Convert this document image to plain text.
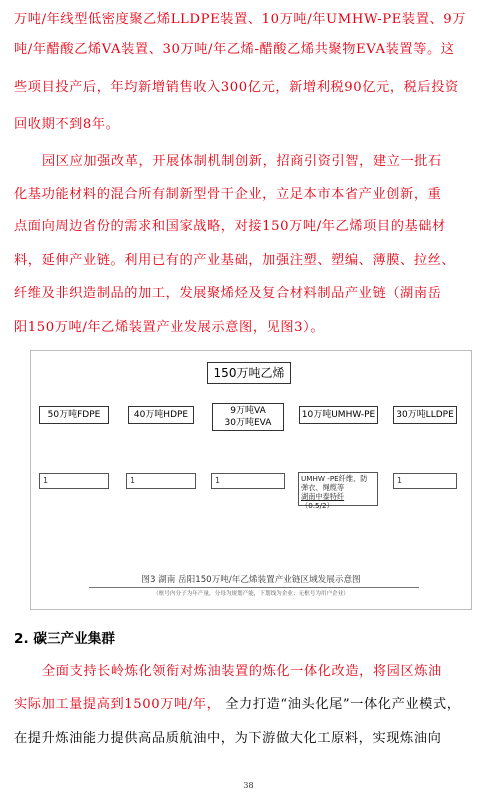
万吨/年线型低密度聚乙烯LLDPE装置、10万吨/年UMHW-PE装置、9万
吨/年醋酸乙烯VA装置、30万吨/年乙烯-醋酸乙烯共聚物EVA装置等。这
些项目投产后，年均新增销售收入300亿元，新增利税90亿元，税后投资
回收期不到8年。
园区应加强改革，开展体制机制创新，招商引资引智，建立一批石
化基功能材料的混合所有制新型骨干企业，立足本市本省产业创新，重
点面向周边省份的需求和国家战略，对接150万吨/年乙烯项目的基础材
料，延伸产业链。利用已有的产业基础，加强注塑、塑编、薄膜、拉丝、
纤维及非织造制品的加工，发展聚烯烃及复合材料制品产业链（湖南岳
阳150万吨/年乙烯装置产业发展示意图，见图3）。
150万吨乙烯
50万吨FDPE	40万吨HDPE	9万吨VA
30万吨EVA
10万吨UMHW-PE	30万吨LLDPE
1	1	1	UMHW -PE纤维、防
弹衣、绳缆等
湖南中泰特纤（0.5/2）
1
图3 湖南 岳阳150万吨/年乙烯装置产业链区域发展示意图
（框号内分子为年产量，分母为规划产能，下划线为企业；无框号为用户企业）
2. 碳三产业集群
全面支持长岭炼化领衔对炼油装置的炼化一体化改造，将园区炼油
实际加工量提高到1500万吨/年， 全力打造“油头化尾”一体化产业模式，
在提升炼油能力提供高品质航油中，为下游做大化工原料，实现炼油向
38
